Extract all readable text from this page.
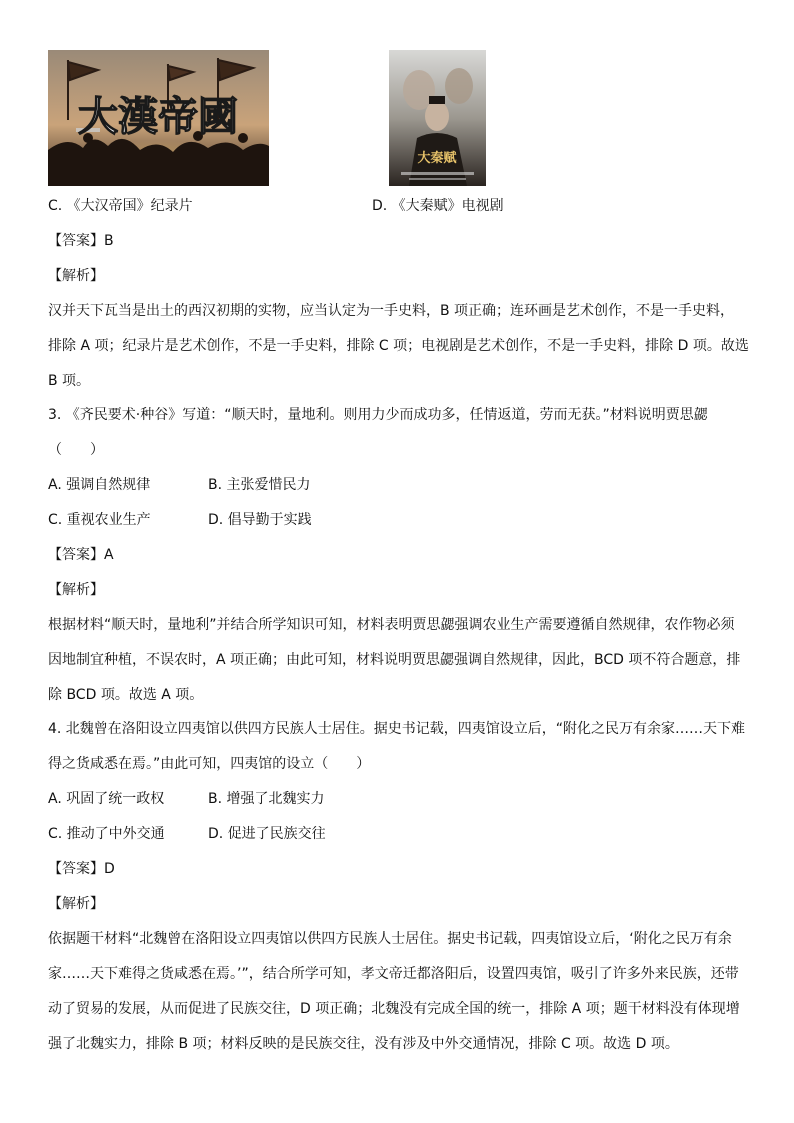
大漢帝國
大秦赋
C. 《大汉帝国》纪录片	D. 《大秦赋》电视剧
【答案】B
【解析】
汉并天下瓦当是出土的西汉初期的实物，应当认定为一手史料，B 项正确；连环画是艺术创作，不是一手史料，
排除 A 项；纪录片是艺术创作，不是一手史料，排除 C 项；电视剧是艺术创作，不是一手史料，排除 D 项。故选
B 项。
3. 《齐民要术·种谷》写道：“顺天时，量地利。则用力少而成功多，任情返道，劳而无获。”材料说明贾思勰
（　　）
A. 强调自然规律	B. 主张爱惜民力
C. 重视农业生产	D. 倡导勤于实践
【答案】A
【解析】
根据材料“顺天时，量地利”并结合所学知识可知，材料表明贾思勰强调农业生产需要遵循自然规律，农作物必须
因地制宜种植，不误农时，A 项正确；由此可知，材料说明贾思勰强调自然规律，因此，BCD 项不符合题意，排
除 BCD 项。故选 A 项。
4. 北魏曾在洛阳设立四夷馆以供四方民族人士居住。据史书记载，四夷馆设立后，“附化之民万有余家……天下难
得之货咸悉在焉。”由此可知，四夷馆的设立（　　）
A. 巩固了统一政权	B. 增强了北魏实力
C. 推动了中外交通	D. 促进了民族交往
【答案】D
【解析】
依据题干材料“北魏曾在洛阳设立四夷馆以供四方民族人士居住。据史书记载，四夷馆设立后，‘附化之民万有余
家……天下难得之货咸悉在焉。’”，结合所学可知，孝文帝迁都洛阳后，设置四夷馆，吸引了许多外来民族，还带
动了贸易的发展，从而促进了民族交往，D 项正确；北魏没有完成全国的统一，排除 A 项；题干材料没有体现增
强了北魏实力，排除 B 项；材料反映的是民族交往，没有涉及中外交通情况，排除 C 项。故选 D 项。
